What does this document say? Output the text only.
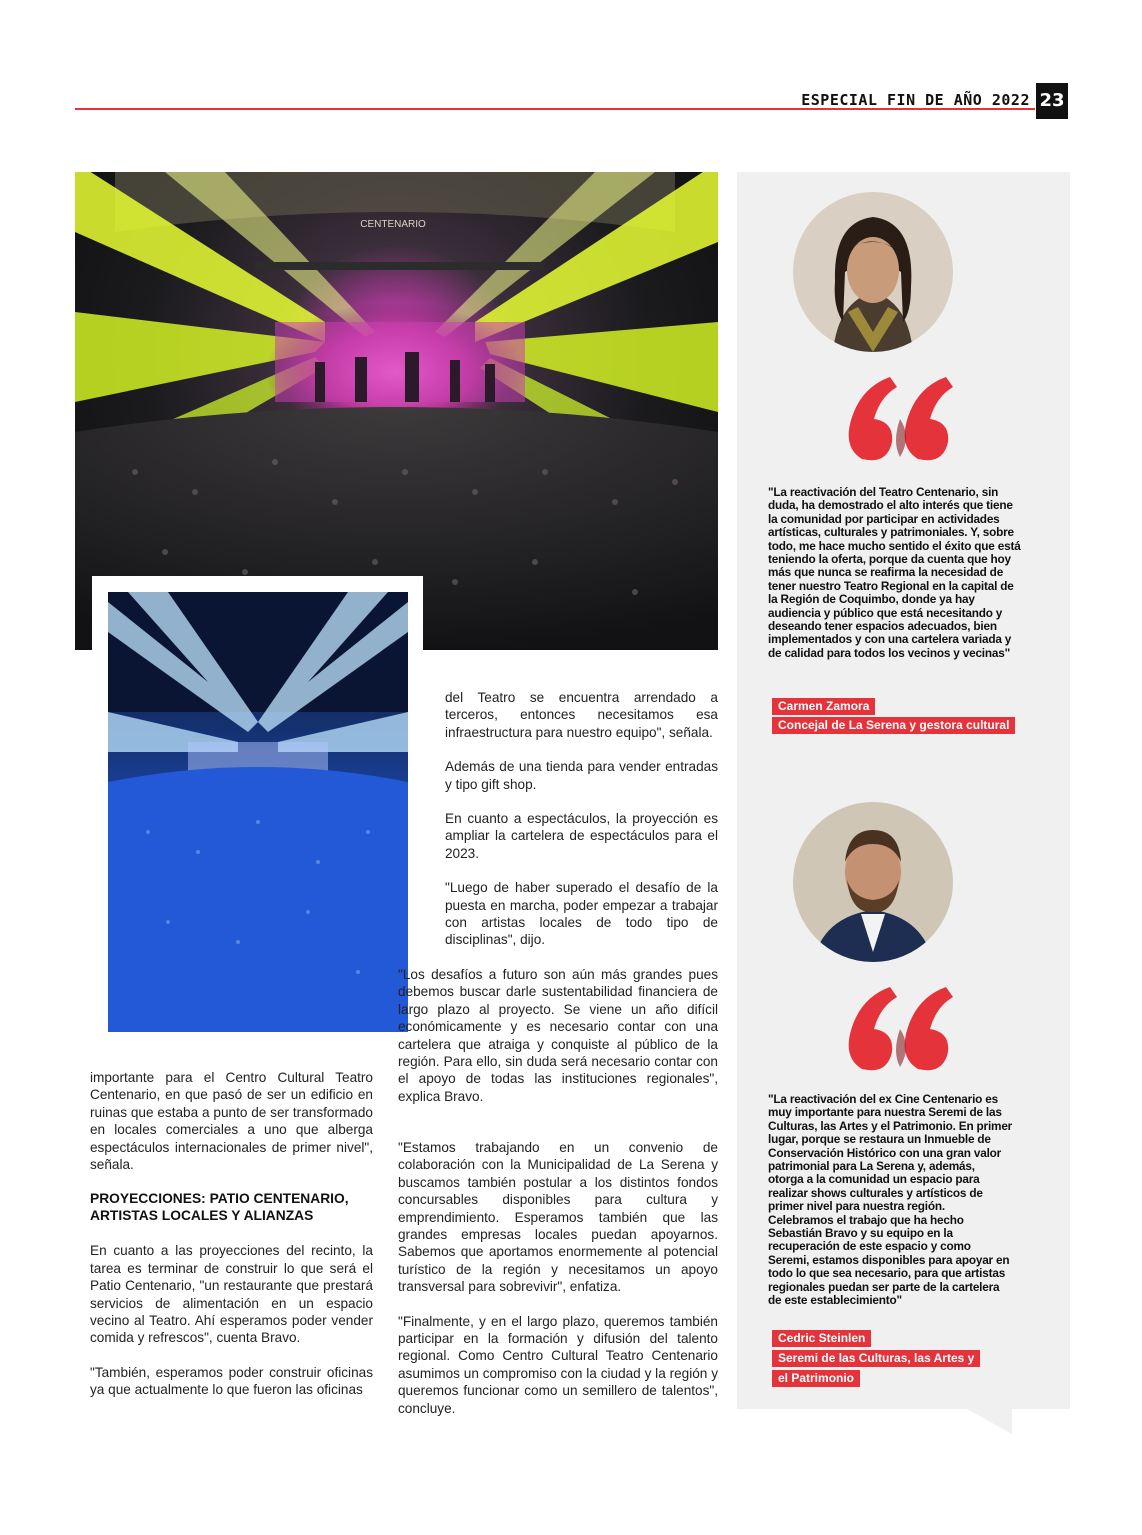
ESPECIAL FIN DE AÑO 2022 23
CENTENARIO

importante para el Centro Cultural Teatro Centenario, en que pasó de ser un edificio en ruinas que estaba a punto de ser transformado en locales comerciales a uno que alberga espectáculos internacionales de primer nivel", señala.

PROYECCIONES: PATIO CENTENARIO, ARTISTAS LOCALES Y ALIANZAS

En cuanto a las proyecciones del recinto, la tarea es terminar de construir lo que será el Patio Centenario, "un restaurante que prestará servicios de alimentación en un espacio vecino al Teatro. Ahí esperamos poder vender comida y refrescos", cuenta Bravo.

"También, esperamos poder construir oficinas ya que actualmente lo que fueron las oficinas

del Teatro se encuentra arrendado a terceros, entonces necesitamos esa infraestructura para nuestro equipo", señala.

Además de una tienda para vender entradas y tipo gift shop.

En cuanto a espectáculos, la proyección es ampliar la cartelera de espectáculos para el 2023.

"Luego de haber superado el desafío de la puesta en marcha, poder empezar a trabajar con artistas locales de todo tipo de disciplinas", dijo.

"Los desafíos a futuro son aún más grandes pues debemos buscar darle sustentabilidad financiera de largo plazo al proyecto. Se viene un año difícil económicamente y es necesario contar con una cartelera que atraiga y conquiste al público de la región. Para ello, sin duda será necesario contar con el apoyo de todas las instituciones regionales", explica Bravo.

"Estamos trabajando en un convenio de colaboración con la Municipalidad de La Serena y buscamos también postular a los distintos fondos concursables disponibles para cultura y emprendimiento. Esperamos también que las grandes empresas locales puedan apoyarnos. Sabemos que aportamos enormemente al potencial turístico de la región y necesitamos un apoyo transversal para sobrevivir", enfatiza.

"Finalmente, y en el largo plazo, queremos también participar en la formación y difusión del talento regional. Como Centro Cultural Teatro Centenario asumimos un compromiso con la ciudad y la región y queremos funcionar como un semillero de talentos", concluye.

"La reactivación del Teatro Centenario, sin duda, ha demostrado el alto interés que tiene la comunidad por participar en actividades artísticas, culturales y patrimoniales. Y, sobre todo, me hace mucho sentido el éxito que está teniendo la oferta, porque da cuenta que hoy más que nunca se reafirma la necesidad de tener nuestro Teatro Regional en la capital de la Región de Coquimbo, donde ya hay audiencia y público que está necesitando y deseando tener espacios adecuados, bien implementados y con una cartelera variada y de calidad para todos los vecinos y vecinas"
Carmen Zamora
Concejal de La Serena y gestora cultural
"La reactivación del ex Cine Centenario es muy importante para nuestra Seremi de las Culturas, las Artes y el Patrimonio. En primer lugar, porque se restaura un Inmueble de Conservación Histórico con una gran valor patrimonial para La Serena y, además, otorga a la comunidad un espacio para realizar shows culturales y artísticos de primer nivel para nuestra región. Celebramos el trabajo que ha hecho Sebastián Bravo y su equipo en la recuperación de este espacio y como Seremi, estamos disponibles para apoyar en todo lo que sea necesario, para que artistas regionales puedan ser parte de la cartelera de este establecimiento"
Cedric Steinlen
Seremi de las Culturas, las Artes y
el Patrimonio
